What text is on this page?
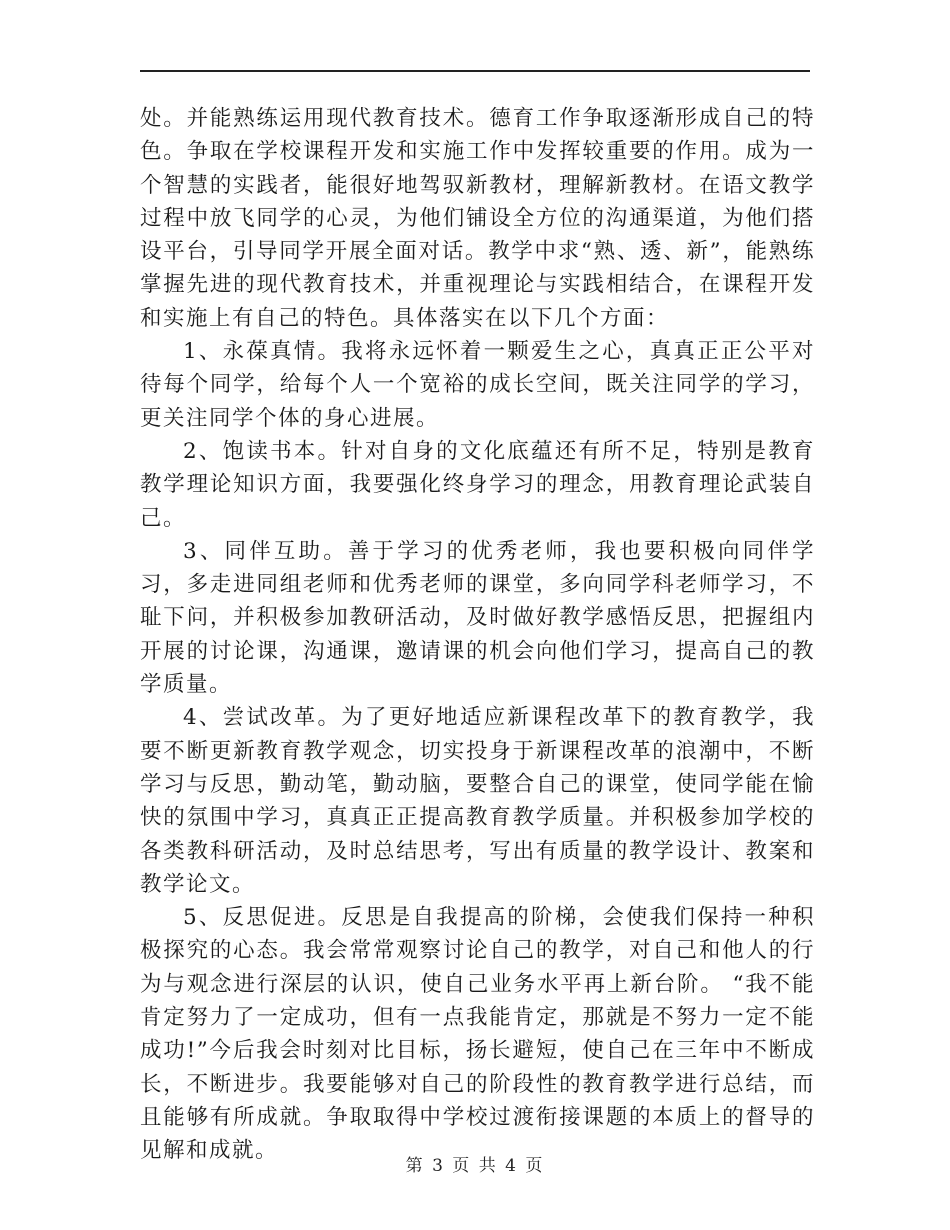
处。并能熟练运用现代教育技术。德育工作争取逐渐形成自己的特色。争取在学校课程开发和实施工作中发挥较重要的作用。成为一个智慧的实践者，能很好地驾驭新教材，理解新教材。在语文教学过程中放飞同学的心灵，为他们铺设全方位的沟通渠道，为他们搭设平台，引导同学开展全面对话。教学中求“熟、透、新”，能熟练掌握先进的现代教育技术，并重视理论与实践相结合，在课程开发和实施上有自己的特色。具体落实在以下几个方面：

1、永葆真情。我将永远怀着一颗爱生之心，真真正正公平对待每个同学，给每个人一个宽裕的成长空间，既关注同学的学习，更关注同学个体的身心进展。

2、饱读书本。针对自身的文化底蕴还有所不足，特别是教育教学理论知识方面，我要强化终身学习的理念，用教育理论武装自己。

3、同伴互助。善于学习的优秀老师，我也要积极向同伴学习，多走进同组老师和优秀老师的课堂，多向同学科老师学习，不耻下问，并积极参加教研活动，及时做好教学感悟反思，把握组内开展的讨论课，沟通课，邀请课的机会向他们学习，提高自己的教学质量。

4、尝试改革。为了更好地适应新课程改革下的教育教学，我要不断更新教育教学观念，切实投身于新课程改革的浪潮中，不断学习与反思，勤动笔，勤动脑，要整合自己的课堂，使同学能在愉快的氛围中学习，真真正正提高教育教学质量。并积极参加学校的各类教科研活动，及时总结思考，写出有质量的教学设计、教案和教学论文。

5、反思促进。反思是自我提高的阶梯，会使我们保持一种积极探究的心态。我会常常观察讨论自己的教学，对自己和他人的行为与观念进行深层的认识，使自己业务水平再上新台阶。 “我不能肯定努力了一定成功，但有一点我能肯定，那就是不努力一定不能成功!”今后我会时刻对比目标，扬长避短，使自己在三年中不断成长，不断进步。我要能够对自己的阶段性的教育教学进行总结，而且能够有所成就。争取取得中学校过渡衔接课题的本质上的督导的见解和成就。

第 3 页 共 4 页
